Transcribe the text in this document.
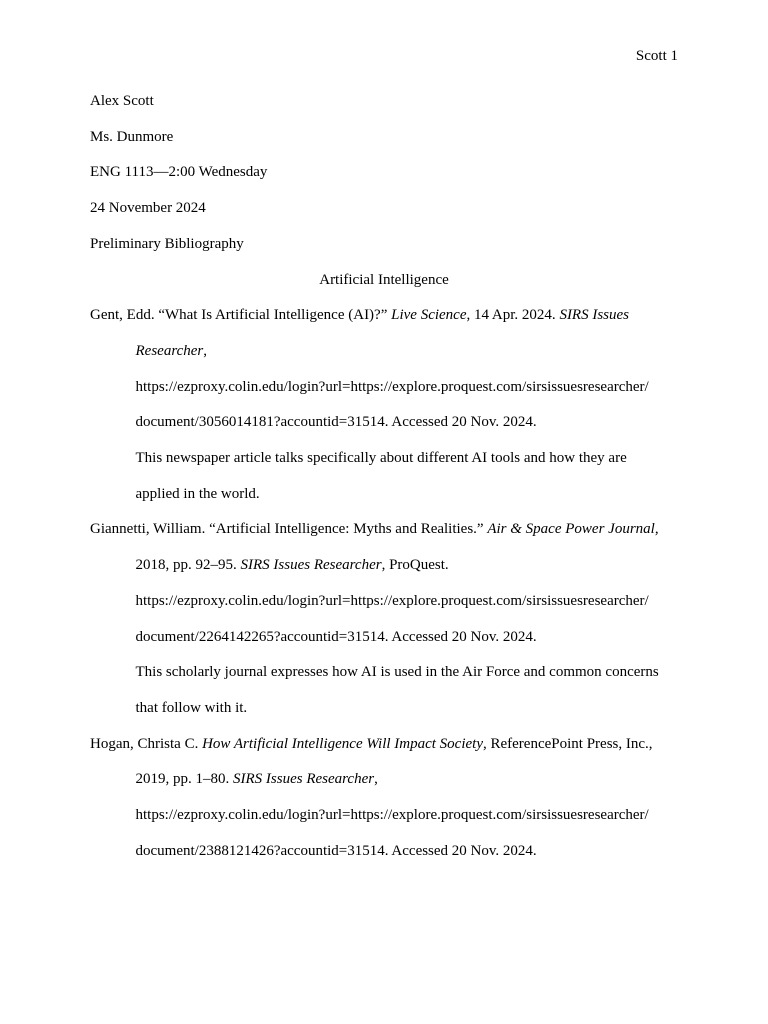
Scott 1
Alex Scott
Ms. Dunmore
ENG 1113—2:00 Wednesday
24 November 2024
Preliminary Bibliography
Artificial Intelligence
Gent, Edd. “What Is Artificial Intelligence (AI)?” Live Science, 14 Apr. 2024. SIRS Issues
Researcher,
https://ezproxy.colin.edu/login?url=https://explore.proquest.com/sirsissuesresearcher/
document/3056014181?accountid=31514. Accessed 20 Nov. 2024.
This newspaper article talks specifically about different AI tools and how they are
applied in the world.
Giannetti, William. “Artificial Intelligence: Myths and Realities.” Air & Space Power Journal,
2018, pp. 92–95. SIRS Issues Researcher, ProQuest.
https://ezproxy.colin.edu/login?url=https://explore.proquest.com/sirsissuesresearcher/
document/2264142265?accountid=31514. Accessed 20 Nov. 2024.
This scholarly journal expresses how AI is used in the Air Force and common concerns
that follow with it.
Hogan, Christa C. How Artificial Intelligence Will Impact Society, ReferencePoint Press, Inc.,
2019, pp. 1–80. SIRS Issues Researcher,
https://ezproxy.colin.edu/login?url=https://explore.proquest.com/sirsissuesresearcher/
document/2388121426?accountid=31514. Accessed 20 Nov. 2024.
